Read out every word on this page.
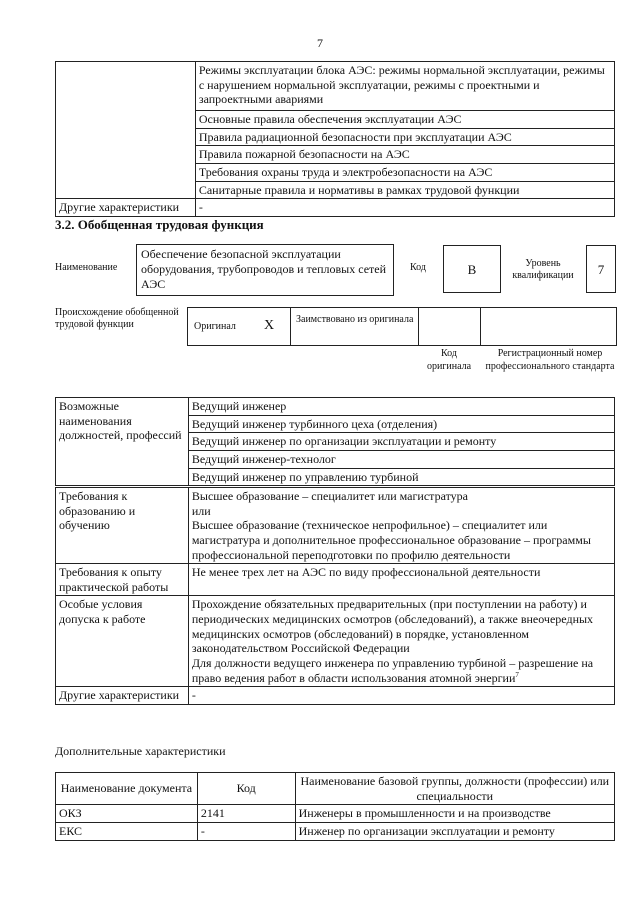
7
	Режимы эксплуатации блока АЭС: режимы нормальной эксплуатации, режимы с нарушением нормальной эксплуатации, режимы с проектными и запроектными авариями
	Основные правила обеспечения эксплуатации АЭС
	Правила радиационной безопасности при эксплуатации АЭС
	Правила пожарной безопасности на АЭС
	Требования охраны труда и электробезопасности на АЭС
	Санитарные правила и нормативы в рамках трудовой функции
Другие характеристики	-
3.2. Обобщенная трудовая функция
Наименование
Обеспечение безопасной эксплуатации оборудования, трубопроводов и тепловых сетей АЭС
Код	B	Уровень квалификации	7
Происхождение обобщенной трудовой функции	Оригинал X Заимствовано из оригинала
Код оригинала
Регистрационный номер профессионального стандарта
Возможные наименования должностей, профессий	Ведущий инженер
Ведущий инженер турбинного цеха (отделения)
Ведущий инженер по организации эксплуатации и ремонту
Ведущий инженер-технолог
Ведущий инженер по управлению турбиной
Требования к образованию и обучению	Высшее образование – специалитет или магистратура
или
Высшее образование (техническое непрофильное) – специалитет или магистратура и дополнительное профессиональное образование – программы профессиональной переподготовки по профилю деятельности

Требования к опыту практической работы	Не менее трех лет на АЭС по виду профессиональной деятельности
Особые условия допуска к работе	Прохождение обязательных предварительных (при поступлении на работу) и периодических медицинских осмотров (обследований), а также внеочередных медицинских осмотров (обследований) в порядке, установленном законодательством Российской Федерации
Для должности ведущего инженера по управлению турбиной – разрешение на право ведения работ в области использования атомной энергии$^7$

Другие характеристики	-
Дополнительные характеристики
Наименование документа	Код	Наименование базовой группы, должности (профессии) или специальности
ОКЗ	2141	Инженеры в промышленности и на производстве
ЕКС	-	Инженер по организации эксплуатации и ремонту
